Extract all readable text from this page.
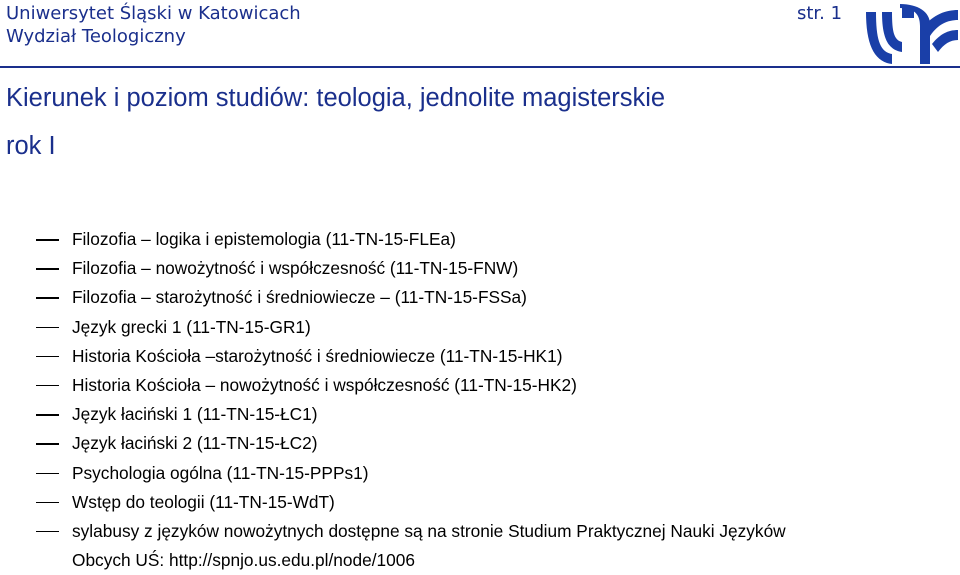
Uniwersytet Śląski w Katowicach
Wydział Teologiczny
str. 1
Kierunek i poziom studiów: teologia, jednolite magisterskie
rok I
Filozofia – logika i epistemologia (11-TN-15-FLEa)
Filozofia – nowożytność i współczesność (11-TN-15-FNW)
Filozofia – starożytność i średniowiecze – (11-TN-15-FSSa)
Język grecki 1 (11-TN-15-GR1)
Historia Kościoła –starożytność i średniowiecze (11-TN-15-HK1)
Historia Kościoła – nowożytność i współczesność (11-TN-15-HK2)
Język łaciński 1 (11-TN-15-ŁC1)
Język łaciński 2 (11-TN-15-ŁC2)
Psychologia ogólna (11-TN-15-PPPs1)
Wstęp do teologii (11-TN-15-WdT)
sylabusy z języków nowożytnych dostępne są na stronie Studium Praktycznej Nauki Języków
Obcych UŚ: http://spnjo.us.edu.pl/node/1006
